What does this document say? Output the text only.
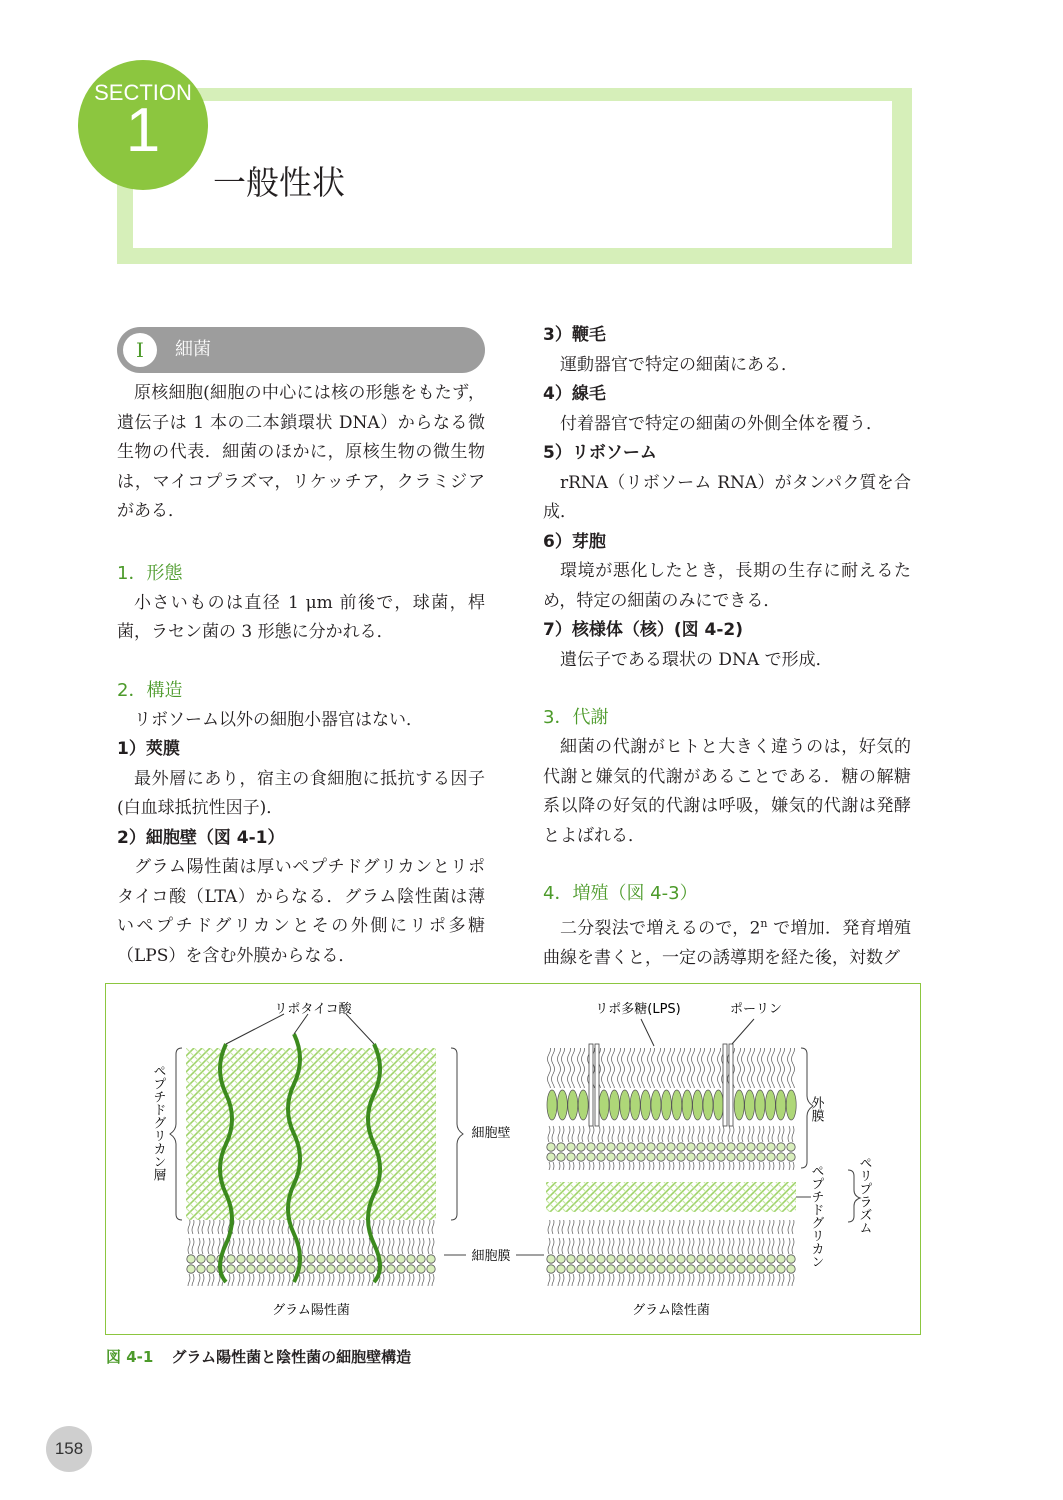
SECTION
1
一般性状
I	細菌

原核細胞(細胞の中心には核の形態をもたず，遺伝子は 1 本の二本鎖環状 DNA）からなる微生物の代表．細菌のほかに，原核生物の微生物は，マイコプラズマ，リケッチア，クラミジアがある．

1．形態

小さいものは直径 1 μm 前後で，球菌，桿菌，ラセン菌の 3 形態に分かれる．

2．構造

リボソーム以外の細胞小器官はない．

1）莢膜

最外層にあり，宿主の食細胞に抵抗する因子(白血球抵抗性因子)．

2）細胞壁（図 4-1）

グラム陽性菌は厚いペプチドグリカンとリポタイコ酸（LTA）からなる．グラム陰性菌は薄いペプチドグリカンとその外側にリポ多糖（LPS）を含む外膜からなる．

3）鞭毛

運動器官で特定の細菌にある．

4）線毛

付着器官で特定の細菌の外側全体を覆う．

5）リボソーム

rRNA（リボソーム RNA）がタンパク質を合成．

6）芽胞

環境が悪化したとき，長期の生存に耐えるため，特定の細菌のみにできる．

7）核様体（核）(図 4-2)

遺伝子である環状の DNA で形成．

3．代謝

細菌の代謝がヒトと大きく違うのは，好気的代謝と嫌気的代謝があることである．糖の解糖系以降の好気的代謝は呼吸，嫌気的代謝は発酵とよばれる．

4．増殖（図 4-3）

二分裂法で増えるので，2$^n$ で増加．発育増殖曲線を書くと，一定の誘導期を経た後，対数グ

リポタイコ酸
ペプチドグリカン層	細胞壁
細胞膜
グラム陽性菌
リポ多糖(LPS)	ポーリン
外膜
ペプチドグリカン	ペリプラズム
グラム陰性菌
図 4-1 グラム陽性菌と陰性菌の細胞壁構造
158
